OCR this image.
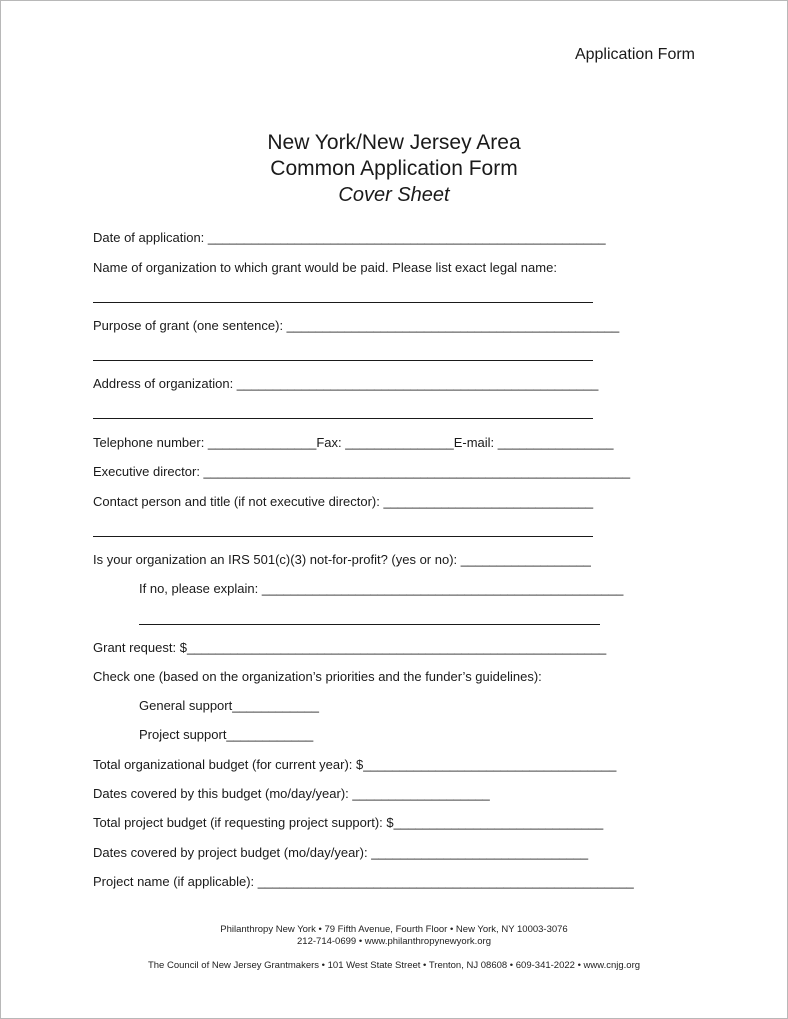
Application Form
New York/New Jersey Area
Common Application Form
Cover Sheet
Date of application: _______________________________________________________
Name of organization to which grant would be paid. Please list exact legal name:
Purpose of grant (one sentence): ______________________________________________
Address of organization: __________________________________________________
Telephone number: _______________Fax: _______________E-mail: ________________
Executive director: ___________________________________________________________
Contact person and title (if not executive director): _____________________________
Is your organization an IRS 501(c)(3) not-for-profit? (yes or no): __________________
If no, please explain: __________________________________________________
Grant request: $__________________________________________________________
Check one (based on the organization’s priorities and the funder’s guidelines):
General support____________
Project support____________
Total organizational budget (for current year): $___________________________________
Dates covered by this budget (mo/day/year): ___________________
Total project budget (if requesting project support): $_____________________________
Dates covered by project budget (mo/day/year): ______________________________
Project name (if applicable): ____________________________________________________
Philanthropy New York • 79 Fifth Avenue, Fourth Floor • New York, NY 10003-3076
212-714-0699 • www.philanthropynewyork.org
The Council of New Jersey Grantmakers • 101 West State Street • Trenton, NJ 08608 • 609-341-2022 • www.cnjg.org
